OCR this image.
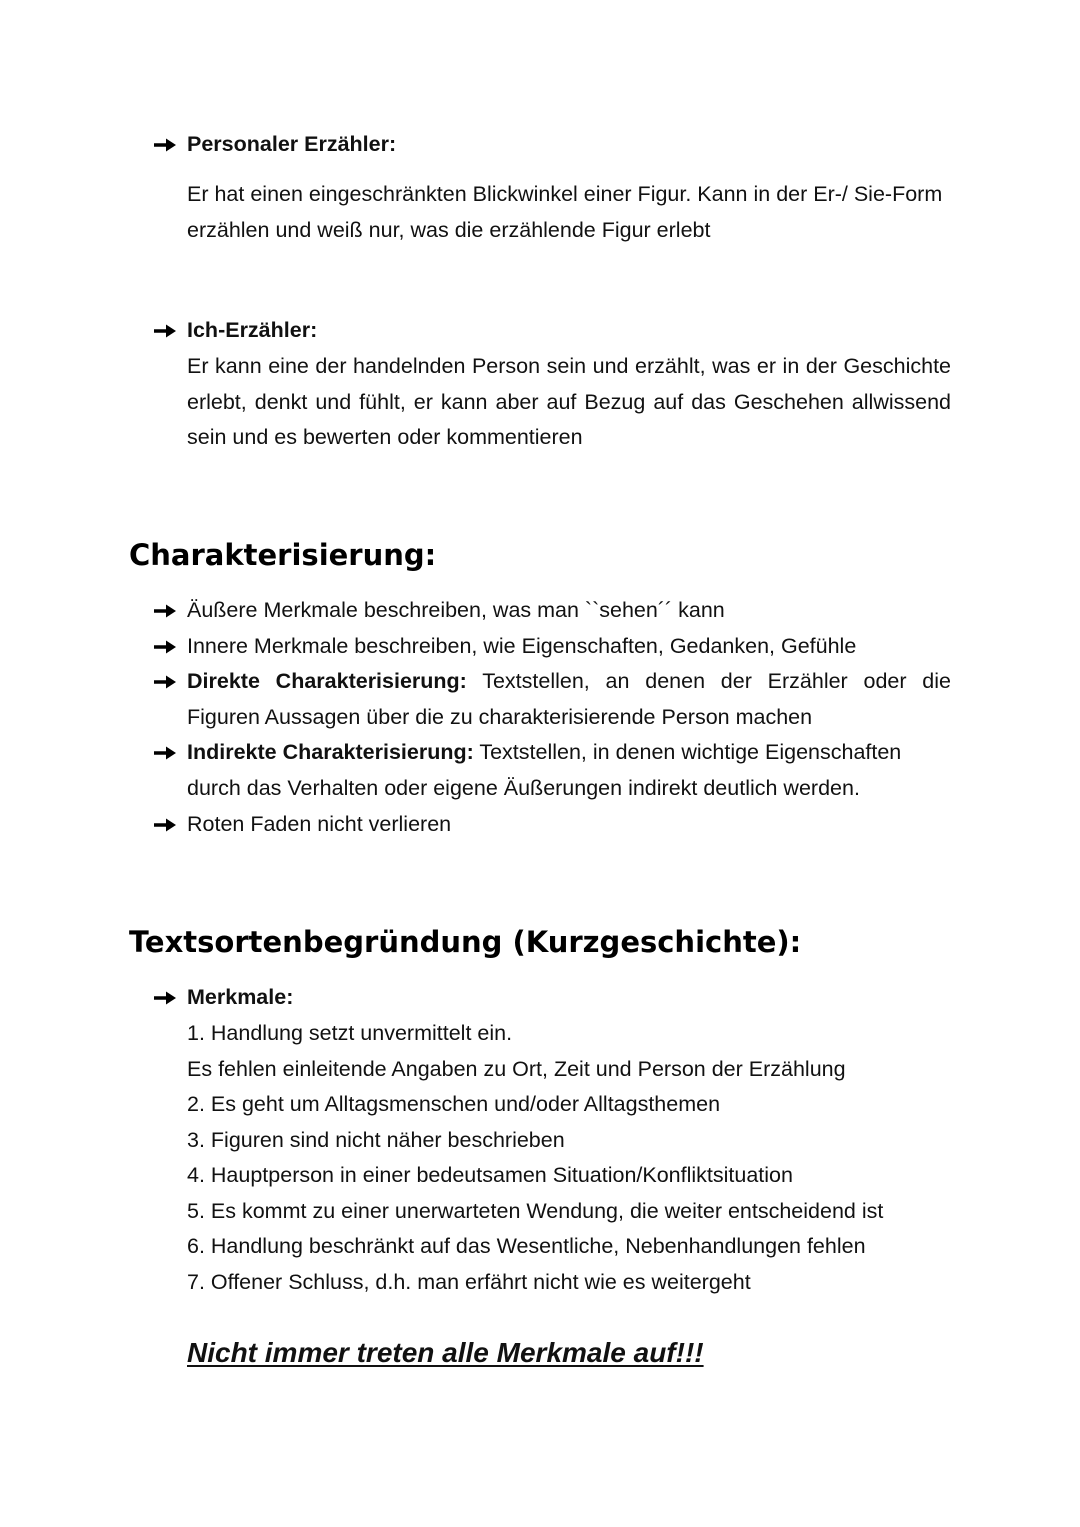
Personaler Erzähler:
Er hat einen eingeschränkten Blickwinkel einer Figur. Kann in der Er-/ Sie-Form erzählen und weiß nur, was die erzählende Figur erlebt
Ich-Erzähler:
Er kann eine der handelnden Person sein und erzählt, was er in der Geschichte erlebt, denkt und fühlt, er kann aber auf Bezug auf das Geschehen allwissend sein und es bewerten oder kommentieren
Charakterisierung:
Äußere Merkmale beschreiben, was man ``sehen´´ kann
Innere Merkmale beschreiben, wie Eigenschaften, Gedanken, Gefühle
Direkte Charakterisierung: Textstellen, an denen der Erzähler oder die Figuren Aussagen über die zu charakterisierende Person machen
Indirekte Charakterisierung: Textstellen, in denen wichtige Eigenschaften durch das Verhalten oder eigene Äußerungen indirekt deutlich werden.
Roten Faden nicht verlieren
Textsortenbegründung (Kurzgeschichte):
Merkmale:
1. Handlung setzt unvermittelt ein.
Es fehlen einleitende Angaben zu Ort, Zeit und Person der Erzählung
2. Es geht um Alltagsmenschen und/oder Alltagsthemen
3. Figuren sind nicht näher beschrieben
4. Hauptperson in einer bedeutsamen Situation/Konfliktsituation
5. Es kommt zu einer unerwarteten Wendung, die weiter entscheidend ist
6. Handlung beschränkt auf das Wesentliche, Nebenhandlungen fehlen
7. Offener Schluss, d.h. man erfährt nicht wie es weitergeht
Nicht immer treten alle Merkmale auf!!!
